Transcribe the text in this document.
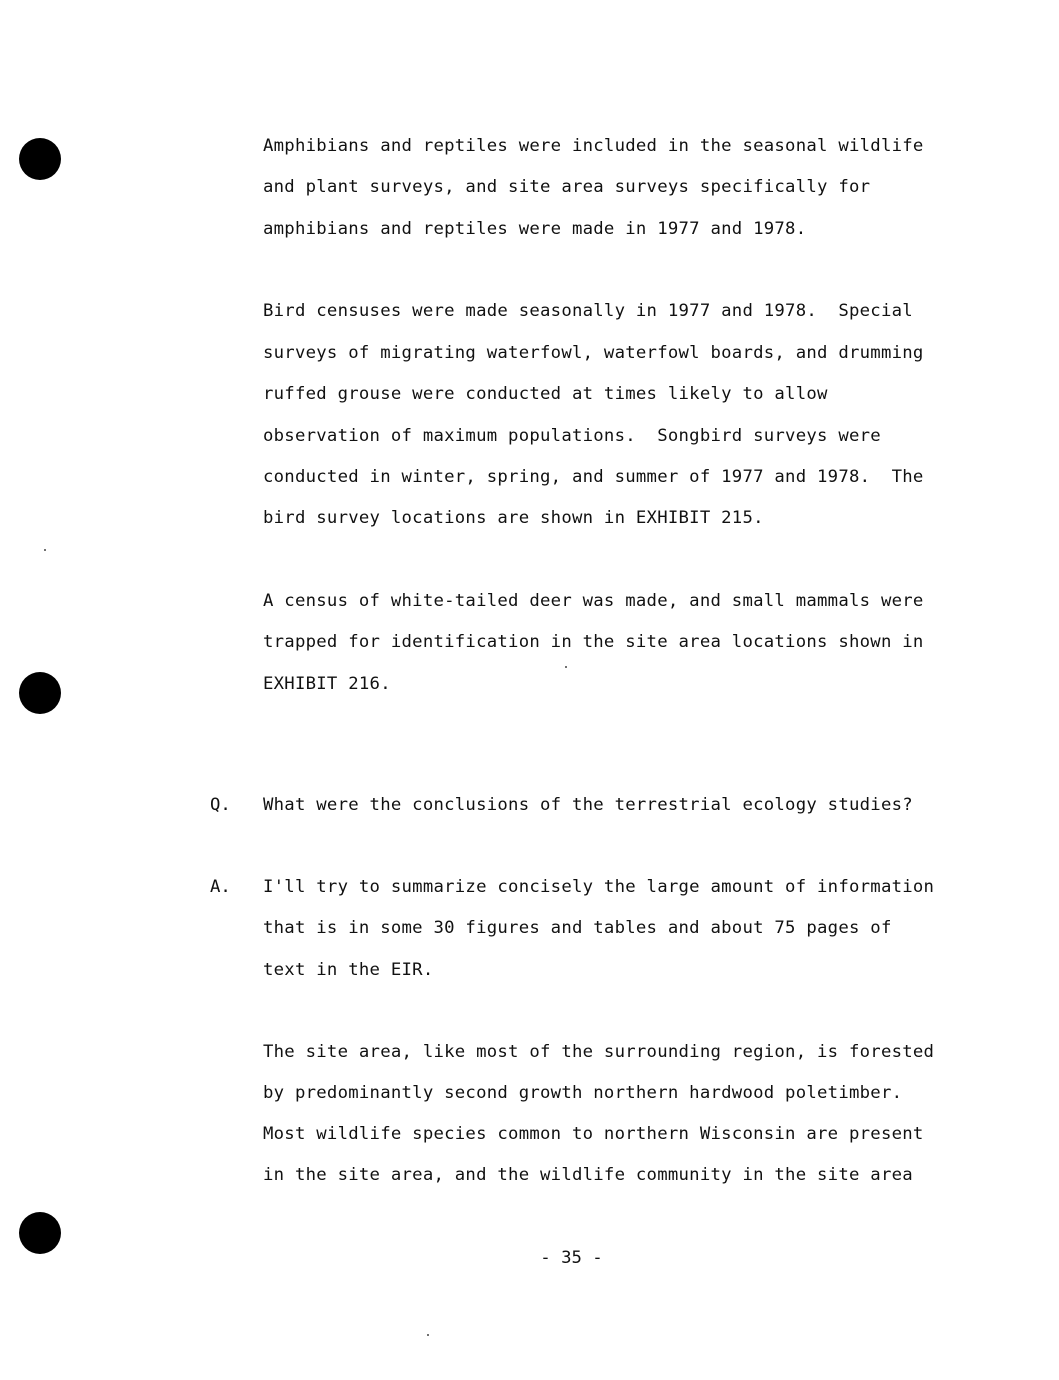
Amphibians and reptiles were included in the seasonal wildlife
and plant surveys, and site area surveys specifically for
amphibians and reptiles were made in 1977 and 1978.
Bird censuses were made seasonally in 1977 and 1978.  Special
surveys of migrating waterfowl, waterfowl boards, and drumming
ruffed grouse were conducted at times likely to allow
observation of maximum populations.  Songbird surveys were
conducted in winter, spring, and summer of 1977 and 1978.  The
bird survey locations are shown in EXHIBIT 215.
A census of white-tailed deer was made, and small mammals were
trapped for identification in the site area locations shown in
EXHIBIT 216.
Q. What were the conclusions of the terrestrial ecology studies?
A. I'll try to summarize concisely the large amount of information
that is in some 30 figures and tables and about 75 pages of
text in the EIR.
The site area, like most of the surrounding region, is forested
by predominantly second growth northern hardwood poletimber.
Most wildlife species common to northern Wisconsin are present
in the site area, and the wildlife community in the site area
- 35 -
